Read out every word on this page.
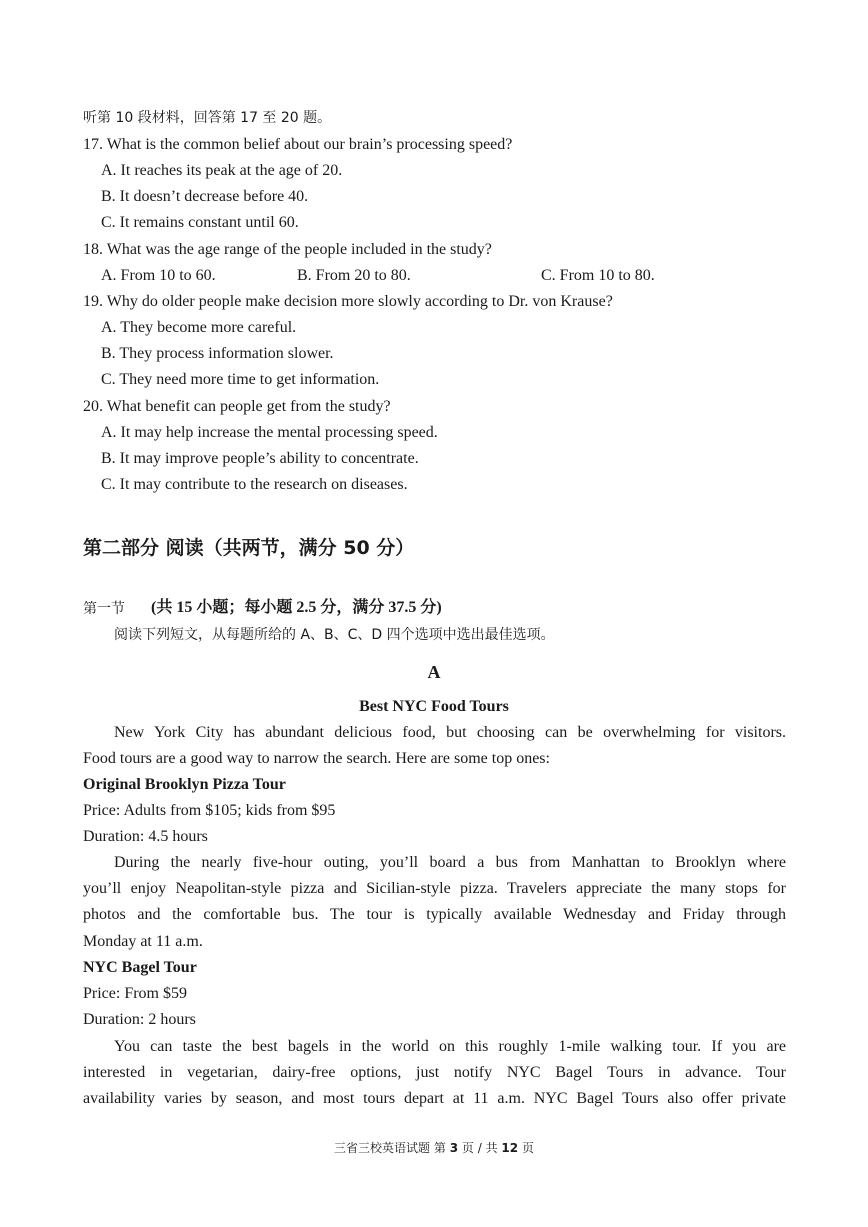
听第 10 段材料，回答第 17 至 20 题。
17. What is the common belief about our brain’s processing speed?
A. It reaches its peak at the age of 20.
B. It doesn’t decrease before 40.
C. It remains constant until 60.
18. What was the age range of the people included in the study?
A. From 10 to 60.	B. From 20 to 80.	C. From 10 to 80.
19. Why do older people make decision more slowly according to Dr. von Krause?
A. They become more careful.
B. They process information slower.
C. They need more time to get information.
20. What benefit can people get from the study?
A. It may help increase the mental processing speed.
B. It may improve people’s ability to concentrate.
C. It may contribute to the research on diseases.
第二部分 阅读（共两节，满分 50 分）
第一节 (共 15 小题；每小题 2.5 分，满分 37.5 分)
阅读下列短文，从每题所给的 A、B、C、D 四个选项中选出最佳选项。
A
Best NYC Food Tours
New York City has abundant delicious food, but choosing can be overwhelming for visitors.
Food tours are a good way to narrow the search. Here are some top ones:
Original Brooklyn Pizza Tour
Price: Adults from $105; kids from $95
Duration: 4.5 hours
During the nearly five-hour outing, you’ll board a bus from Manhattan to Brooklyn where
you’ll enjoy Neapolitan-style pizza and Sicilian-style pizza. Travelers appreciate the many stops for
photos and the comfortable bus. The tour is typically available Wednesday and Friday through
Monday at 11 a.m.
NYC Bagel Tour
Price: From $59
Duration: 2 hours
You can taste the best bagels in the world on this roughly 1-mile walking tour. If you are
interested in vegetarian, dairy-free options, just notify NYC Bagel Tours in advance. Tour
availability varies by season, and most tours depart at 11 a.m. NYC Bagel Tours also offer private
三省三校英语试题 第 3 页 / 共 12 页
